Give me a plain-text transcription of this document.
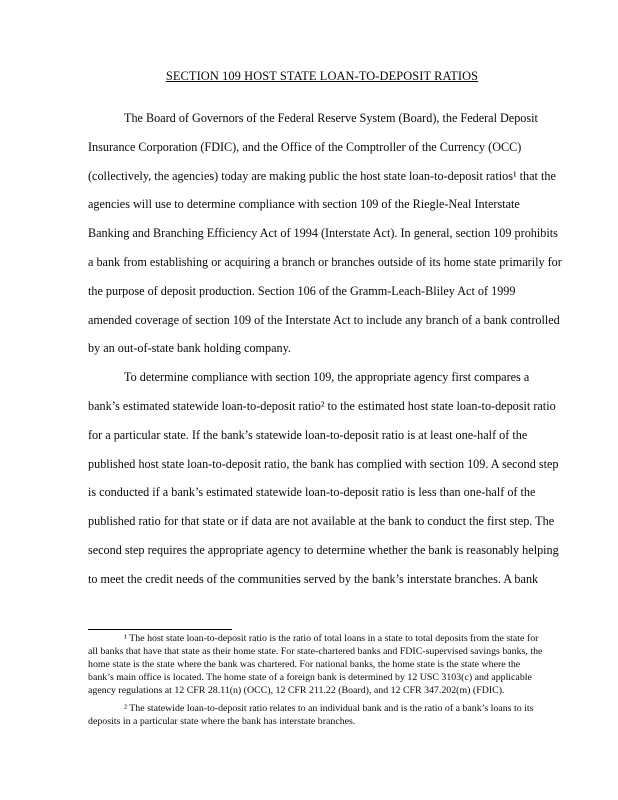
SECTION 109 HOST STATE LOAN-TO-DEPOSIT RATIOS
The Board of Governors of the Federal Reserve System (Board), the Federal Deposit
Insurance Corporation (FDIC), and the Office of the Comptroller of the Currency (OCC)
(collectively, the agencies) today are making public the host state loan-to-deposit ratios¹ that the
agencies will use to determine compliance with section 109 of the Riegle-Neal Interstate
Banking and Branching Efficiency Act of 1994 (Interstate Act). In general, section 109 prohibits
a bank from establishing or acquiring a branch or branches outside of its home state primarily for
the purpose of deposit production. Section 106 of the Gramm-Leach-Bliley Act of 1999
amended coverage of section 109 of the Interstate Act to include any branch of a bank controlled
by an out-of-state bank holding company.
To determine compliance with section 109, the appropriate agency first compares a
bank’s estimated statewide loan-to-deposit ratio² to the estimated host state loan-to-deposit ratio
for a particular state. If the bank’s statewide loan-to-deposit ratio is at least one-half of the
published host state loan-to-deposit ratio, the bank has complied with section 109. A second step
is conducted if a bank’s estimated statewide loan-to-deposit ratio is less than one-half of the
published ratio for that state or if data are not available at the bank to conduct the first step. The
second step requires the appropriate agency to determine whether the bank is reasonably helping
to meet the credit needs of the communities served by the bank’s interstate branches. A bank
¹ The host state loan-to-deposit ratio is the ratio of total loans in a state to total deposits from the state for
all banks that have that state as their home state. For state-chartered banks and FDIC-supervised savings banks, the
home state is the state where the bank was chartered. For national banks, the home state is the state where the
bank’s main office is located. The home state of a foreign bank is determined by 12 USC 3103(c) and applicable
agency regulations at 12 CFR 28.11(n) (OCC), 12 CFR 211.22 (Board), and 12 CFR 347.202(m) (FDIC).
² The statewide loan-to-deposit ratio relates to an individual bank and is the ratio of a bank’s loans to its
deposits in a particular state where the bank has interstate branches.
